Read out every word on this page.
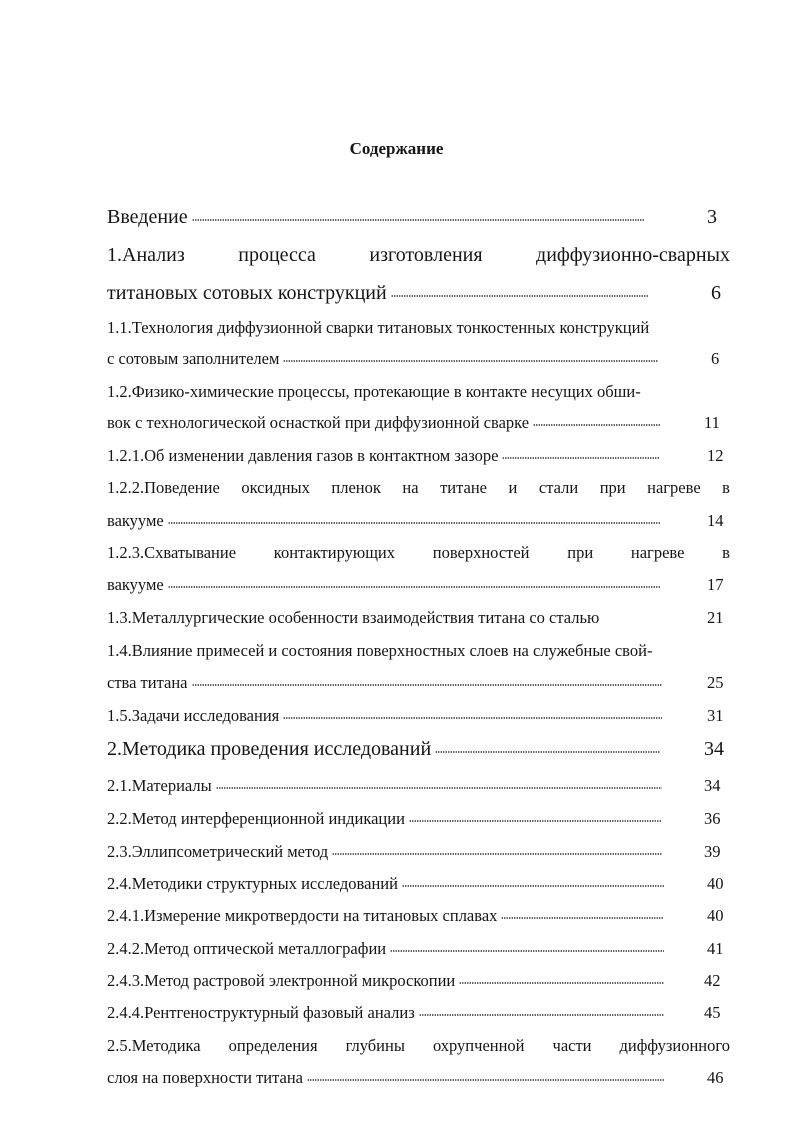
Содержание
Введение	3
1.Анализ	процесса	изготовления	диффузионно-сварных
титановых сотовых конструкций	6
1.1.Технология диффузионной сварки титановых тонкостенных конструкций
с сотовым заполнителем	6
1.2.Физико-химические процессы, протекающие в контакте несущих обши-
вок с технологической оснасткой при диффузионной сварке	11
1.2.1.Об изменении давления газов в контактном зазоре	12
1.2.2.Поведение оксидных пленок на титане и стали при нагреве в
вакууме	14
1.2.3.Схватывание контактирующих поверхностей при нагреве в
вакууме	17
1.3.Металлургические особенности взаимодействия титана со сталью	21
1.4.Влияние примесей и состояния поверхностных слоев на служебные свой-
ства титана	25
1.5.Задачи исследования	31
2.Методика проведения исследований	34
2.1.Материалы	34
2.2.Метод интерференционной индикации	36
2.3.Эллипсометрический метод	39
2.4.Методики структурных исследований	40
2.4.1.Измерение микротвердости на титановых сплавах	40
2.4.2.Метод оптической металлографии	41
2.4.3.Метод растровой электронной микроскопии	42
2.4.4.Рентгеноструктурный фазовый анализ	45
2.5.Методика определения глубины охрупченной части диффузионного
слоя на поверхности титана	46
